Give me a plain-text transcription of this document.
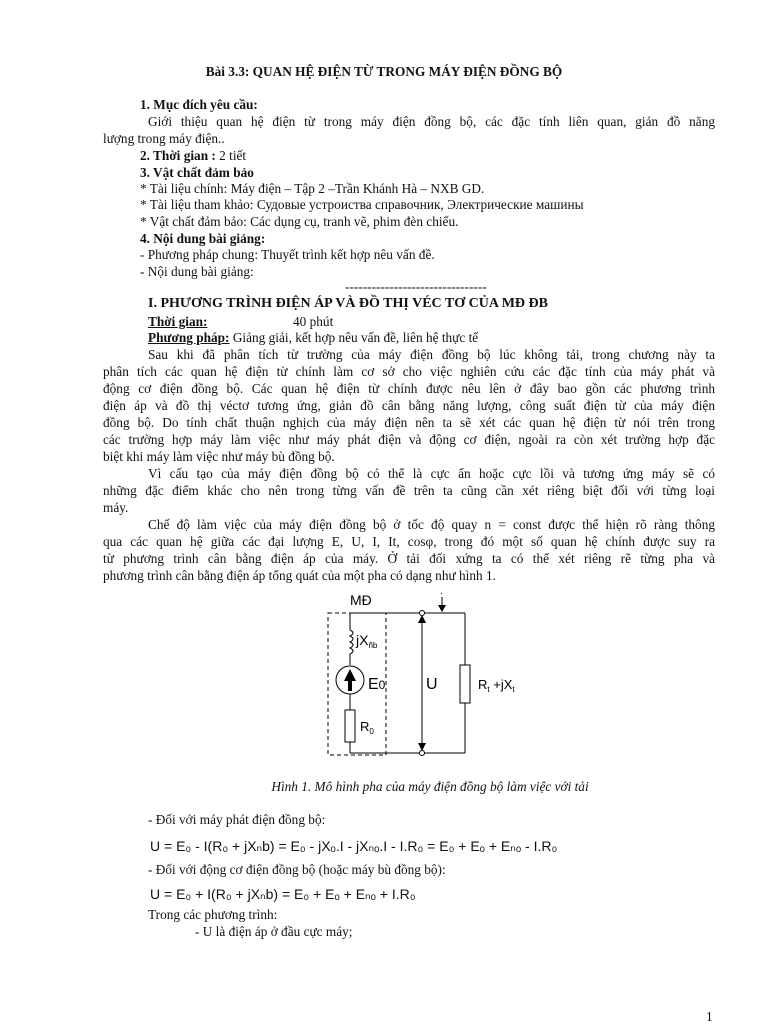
Bài 3.3: QUAN HỆ ĐIỆN TỪ TRONG MÁY ĐIỆN ĐỒNG BỘ
1. Mục đích yêu cầu:
Giới thiệu quan hệ điện từ trong máy điện đồng bộ, các đặc tính liên quan, giản đồ năng
lượng trong máy điện..
2. Thời gian : 2 tiết
3. Vật chất đảm bảo
* Tài liệu chính: Máy điện – Tập 2 –Trần Khánh Hà – NXB GD.
* Tài liệu tham khảo: Судовые устроиства справочник, Электрические машины
* Vật chất đảm bảo: Các dụng cụ, tranh vẽ, phim đèn chiếu.
4. Nội dung bài giảng:
- Phương pháp chung: Thuyết trình kết hợp nêu vấn đề.
- Nội dung bài giảng:
--------------------------------
I. PHƯƠNG TRÌNH ĐIỆN ÁP VÀ ĐỒ THỊ VÉC TƠ CỦA MĐ ĐB
Thời gian:	40 phút
Phương pháp: Giảng giải, kết hợp nêu vấn đề, liên hệ thực tế
Sau khi đã phân tích từ trường của máy điện đồng bộ lúc không tải, trong chương này ta
phân tích các quan hệ điện từ chính làm cơ sở cho việc nghiên cứu các đặc tính của máy phát và
động cơ điện đồng bộ. Các quan hệ điện từ chính được nêu lên ở đây bao gồn các phương trình
điện áp và đồ thị véctơ tương ứng, giản đồ cân bằng năng lượng, công suất điện từ của máy điện
đồng bộ. Do tính chất thuận nghịch của máy điện nên ta sẽ xét các quan hệ điện từ nói trên trong
các trường hợp máy làm việc như máy phát điện và động cơ điện, ngoài ra còn xét trường hợp đặc
biệt khi máy làm việc như máy bù đồng bộ.
Vì cấu tạo của máy điện đồng bộ có thể là cực ẩn hoặc cực lồi và tương ứng máy sẽ có
những đặc điểm khác cho nên trong từng vấn đề trên ta cũng cần xét riêng biệt đối với từng loại
máy.
Chế độ làm việc của máy điện đồng bộ ở tốc độ quay n = const được thể hiện rõ ràng thông
qua các quan hệ giữa các đại lượng E, U, I, It, cosφ, trong đó một số quan hệ chính được suy ra
từ phương trình cân bằng điện áp của máy. Ở tải đối xứng ta có thể xét riêng rẽ từng pha và
phương trình cân bằng điện áp tổng quát của một pha có dạng như hình 1.
MĐ
.
$jX_{ñb}$
E0	U
$R_0$
$R_t +jX_t$
Hình 1. Mô hình pha của máy điện đồng bộ làm việc với tải
- Đối với máy phát điện đồng bộ:
U = E₀ - I(R₀ + jXₙb) = E₀ - jXₒ.I - jXₙₒ.I - I.R₀ = E₀ + Eₒ + Eₙₒ - I.R₀
- Đối với động cơ điện đồng bộ (hoặc máy bù đồng bộ):
U = E₀ + I(R₀ + jXₙb) = E₀ + Eₒ + Eₙₒ + I.R₀
Trong các phương trình:
- U là điện áp ở đầu cực máy;
1
